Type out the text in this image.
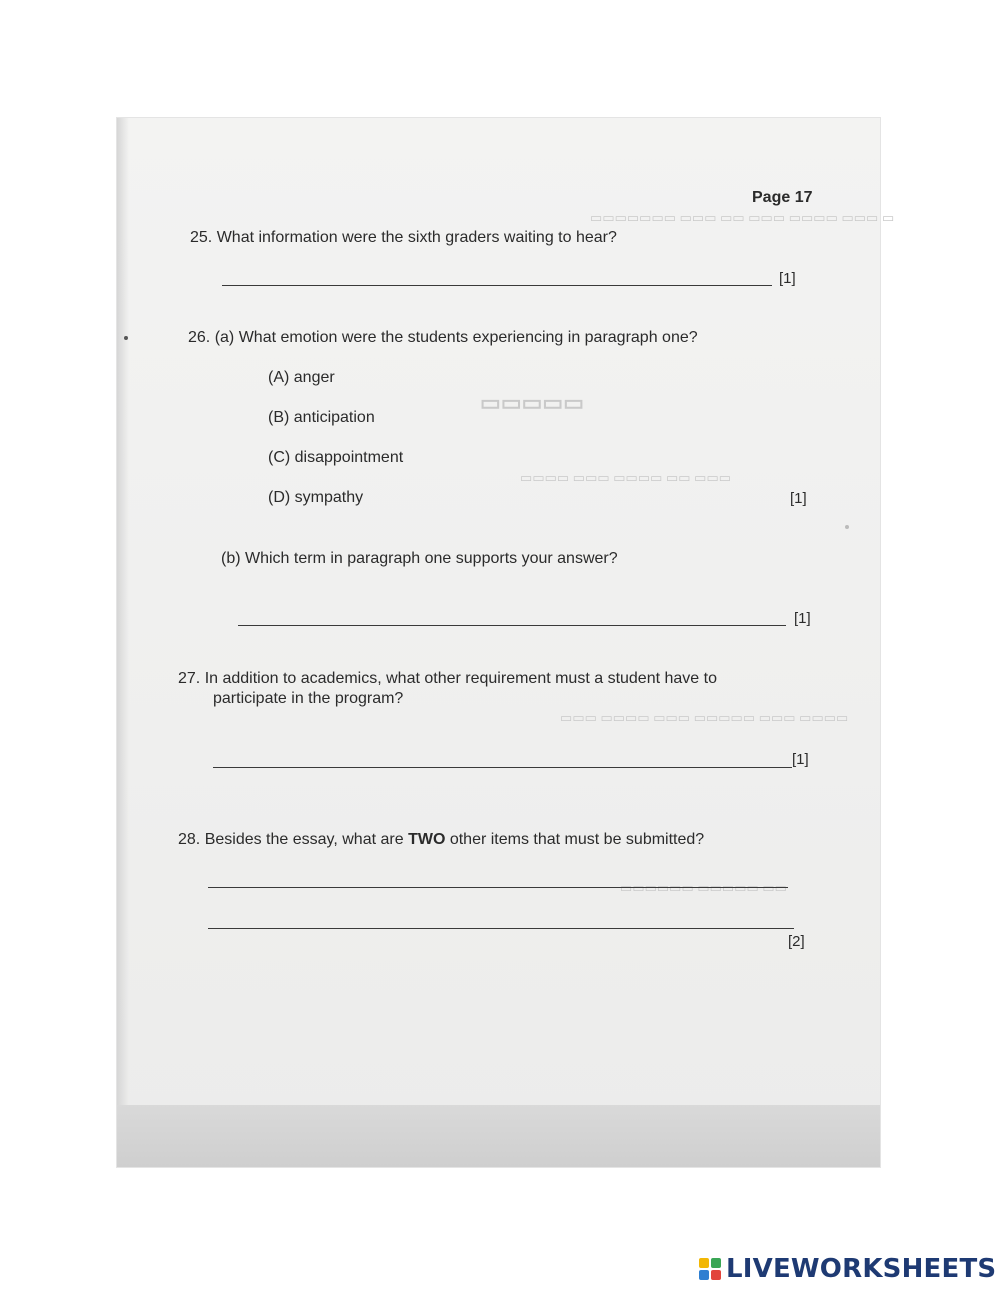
▭ ▭▭▭ ▭▭▭▭ ▭▭▭ ▭▭ ▭▭▭ ▭▭▭▭▭▭▭
▭▭▭▭▭
▭▭▭ ▭▭ ▭▭▭▭ ▭▭▭ ▭▭▭▭
▭▭▭▭ ▭▭▭ ▭▭▭▭▭ ▭▭▭ ▭▭▭▭ ▭▭▭
▭▭ ▭▭▭▭▭ ▭▭▭▭▭▭
Page 17
25. What information were the sixth graders waiting to hear?
[1]
26. (a) What emotion were the students experiencing in paragraph one?
(A) anger
(B) anticipation
(C) disappointment
(D) sympathy	[1]
(b) Which term in paragraph one supports your answer?
[1]
27. In addition to academics, what other requirement must a student have to
participate in the program?
[1]
28. Besides the essay, what are TWO other items that must be submitted?
[2]
LIVEWORKSHEETS
